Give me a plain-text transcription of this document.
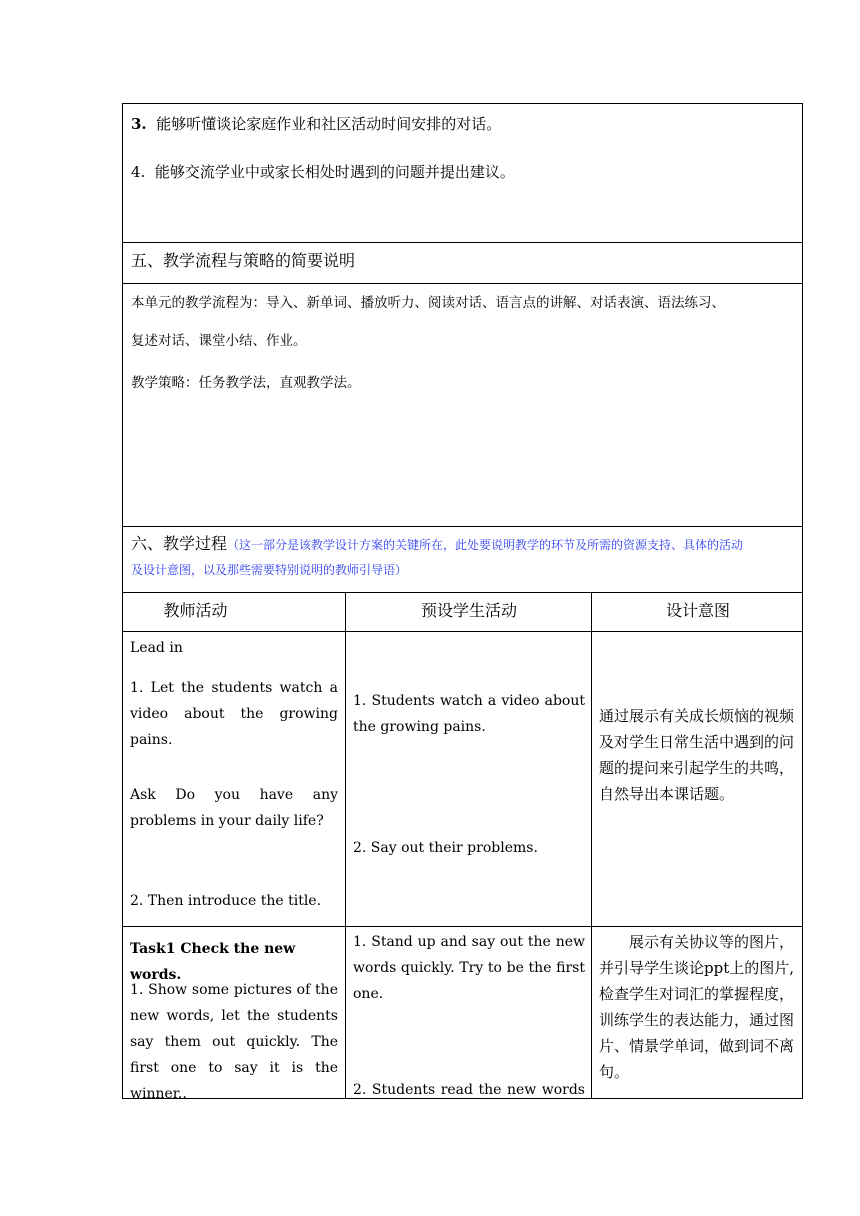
3. 能够听懂谈论家庭作业和社区活动时间安排的对话。
4. 能够交流学业中或家长相处时遇到的问题并提出建议。
五、教学流程与策略的简要说明
本单元的教学流程为：导入、新单词、播放听力、阅读对话、语言点的讲解、对话表演、语法练习、
复述对话、课堂小结、作业。
教学策略：任务教学法，直观教学法。
六、教学过程（这一部分是该教学设计方案的关键所在，此处要说明教学的环节及所需的资源支持、具体的活动
及设计意图，以及那些需要特别说明的教师引导语）
教师活动	预设学生活动	设计意图
Lead in
1. Let the students watch a video about the growing pains.
Ask Do you have any problems in your daily life?
2. Then introduce the title.
1. Students watch a video about the growing pains.
2. Say out their problems.
通过展示有关成长烦恼的视频及对学生日常生活中遇到的问题的提问来引起学生的共鸣，自然导出本课话题。
Task1 Check the new words.
1. Show some pictures of the new words, let the students say them out quickly. The first one to say it is the winner..
1. Stand up and say out the new words quickly. Try to be the first one.
2. Students read the new words
展示有关协议等的图片，并引导学生谈论ppt上的图片,检查学生对词汇的掌握程度，训练学生的表达能力，通过图片、情景学单词，做到词不离句。
